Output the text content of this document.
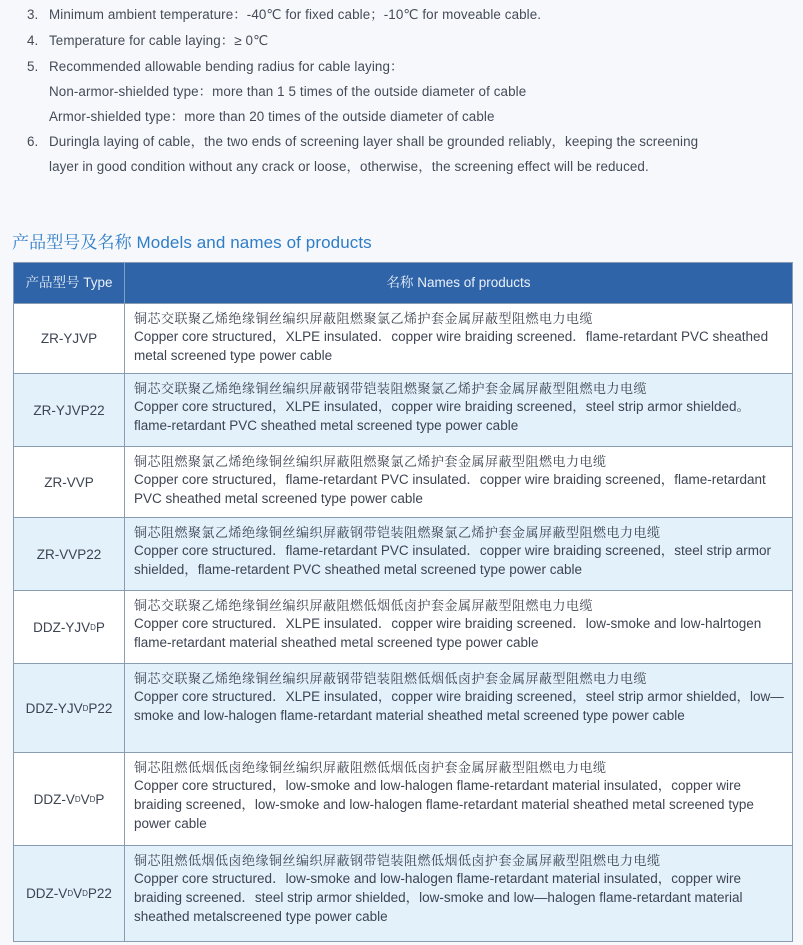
3. Minimum ambient temperature：-40℃ for fixed cable；-10℃ for moveable cable.
4. Temperature for cable laying：≥ 0℃
5. Recommended allowable bending radius for cable laying：
Non-armor-shielded type：more than 1 5 times of the outside diameter of cable
Armor-shielded type：more than 20 times of the outside diameter of cable
6. Duringla laying of cable，the two ends of screening layer shall be grounded reliably，keeping the screening
layer in good condition without any crack or loose，otherwise，the screening effect will be reduced.
产品型号及名称 Models and names of products
产品型号 Type	名称 Names of products
ZR-YJVP
铜芯交联聚乙烯绝缘铜丝编织屏蔽阻燃聚氯乙烯护套金属屏蔽型阻燃电力电缆
Copper core structured，XLPE insulated．copper wire braiding screened．flame-retardant PVC sheathed metal screened type power cable
ZR-YJVP22
铜芯交联聚乙烯绝缘铜丝编织屏蔽钢带铠装阻燃聚氯乙烯护套金属屏蔽型阻燃电力电缆
Copper core structured，XLPE insulated，copper wire braiding screened，steel strip armor shielded。flame-retardant PVC sheathed metal screened type power cable
ZR-VVP
铜芯阻燃聚氯乙烯绝缘铜丝编织屏蔽阻燃聚氯乙烯护套金属屏蔽型阻燃电力电缆
Copper core structured，flame-retardant PVC insulated．copper wire braiding screened，flame-retardant PVC sheathed metal screened type power cable
ZR-VVP22
铜芯阻燃聚氯乙烯绝缘铜丝编织屏蔽钢带铠装阻燃聚氯乙烯护套金属屏蔽型阻燃电力电缆
Copper core structured．flame-retardant PVC insulated．copper wire braiding screened，steel strip armor shielded，flame-retardent PVC sheathed metal screened type power cable
DDZ-YJV D P
铜芯交联聚乙烯绝缘铜丝编织屏蔽阻燃低烟低卤护套金属屏蔽型阻燃电力电缆
Copper core structured．XLPE insulated．copper wire braiding screened．low-smoke and low-halrtogen flame-retardant material sheathed metal screened type power cable
DDZ-YJV D P22
铜芯交联聚乙烯绝缘铜丝编织屏蔽钢带铠装阻燃低烟低卤护套金属屏蔽型阻燃电力电缆
Copper core structured．XLPE insulated，copper wire braiding screened，steel strip armor shielded，low—smoke and low-halogen flame-retardant material sheathed metal screened type power cable
DDZ-V D V D P
铜芯阻燃低烟低卤绝缘铜丝编织屏蔽阻燃低烟低卤护套金属屏蔽型阻燃电力电缆
Copper core structured，low-smoke and low-halogen flame-retardant material insulated，copper wire braiding screened，low-smoke and low-halogen flame-retardant material sheathed metal screened type power cable
DDZ-V D V D P22
铜芯阻燃低烟低卤绝缘铜丝编织屏蔽钢带铠装阻燃低烟低卤护套金属屏蔽型阻燃电力电缆
Copper core structured．low-smoke and low-halogen flame-retardant material insulated，copper wire braiding screened．steel strip armor shielded，low-smoke and low—halogen flame-retardant material sheathed metalscreened type power cable
